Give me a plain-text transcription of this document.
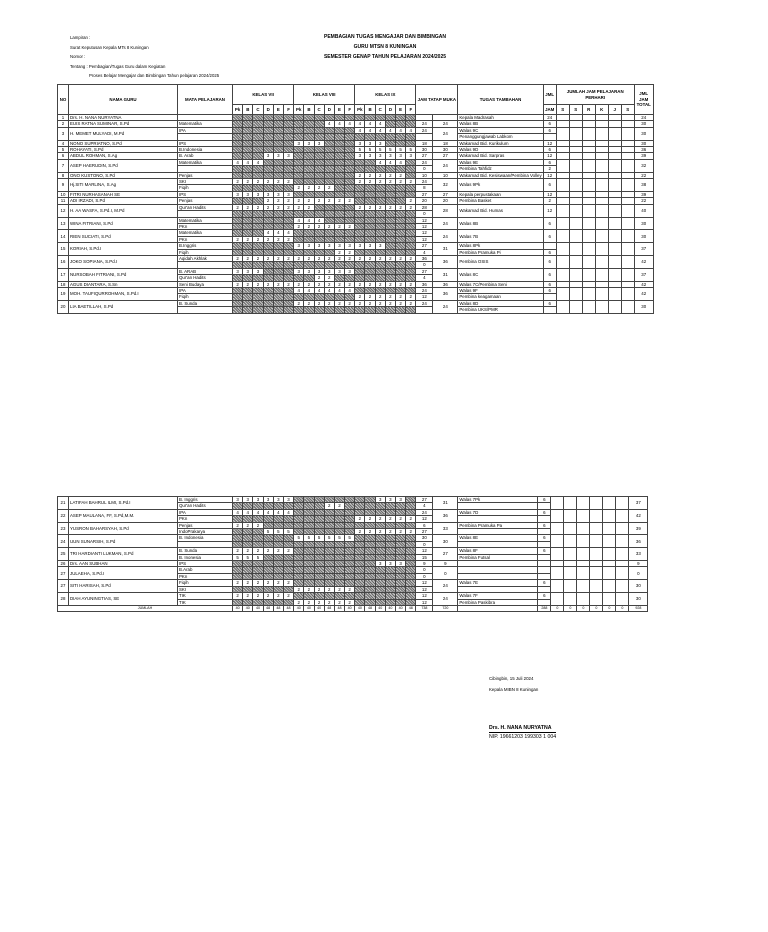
Lampiran :
Surat Keputusan Kepala MTs 8 Kuningan
Nomor :
Tentang : Pembagian/Tugas Guru dalam Kegiatan
Proses Belajar Mengajar dan Bimbingan Tahun pelajaran 2024/2025
PEMBAGIAN TUGAS MENGAJAR DAN BIMBINGAN
GURU MTSN 8 KUNINGAN
SEMESTER GENAP TAHUN PELAJARAN 2024/2025
NO	NAMA GURU	MATA PELAJARAN	KELAS VII						KELAS VIII						KELAS IX						JAM TATAP MUKA		TUGAS TAMBAHAN	JML	JUMLAH JAM PELAJARAN PERHARI						JML JAM TOTAL

			Pk	B	C	D	E	F	Pk	B	C	D	E	F	Pk	B	C	D	E	F				JAM	S	S	R	K	J	S	
1	Drs. H. NANA NURYATNA																						Kepala Madrasah	24							24
2	EUIS RATNA SUMINAR, S.Pd	Matematika										4	4	4	4	4	4				24	24	Walas 8B	6							30
3	H. MEMET MULYADI, M.Pd	IPA													4	4	4	4	4	4	24	24	Walas 9C	6							30
																							Penanggungjawab Labkom								
4	NONO SUPRIATNO, S.Pd	IPS							3	3	3				3	3	3				18	18	Wakamad Bid. Kurikulum	12							30
5	ROHAYATI, S.Pd	B.Indonesia													5	5	5	5	5	5	30	30	Walas 9D	6							36
6	ABDUL ROHMAN, S.Ag	B. Arab				3	3	3							3	3	3	3	3	3	27	27	Wakamad Bid. Sarpras	12							39
7	ASEP HAERUDIN, S.Pd	Matematika	4	4	4												4	4	4		24	24	Walas 9E	6							32
																					0		Pembina Tahfidz	2							
8	ONO KUSTONO, S.Pd	Penjas													2	2	2	2	2		10	10	Wakamad Bid. Kesiswaan/Pembina Volley	12							22
9	Hj.SITI MARLINA, S.Ag	SKI	2	2	2	2	2	2							2	2	2	2	2	2	24	32	Walas 9Pk	6							38
		Fiqih							2	2	2	2									8										
10	FITRI NURHASANAH SE	IPS	3	3	3	3	3	3													27	27	Kepala perpustakaan	12							39
11	ADI IRZADI, S.Pd	Penjas				2	2	2	2	2	2	2	2	2						2	20	20	Pembina Basket	2							22
12	H. AA WASFA, S.Pd.I, M.Pd	Qur'an Hadits	2	2	2	2	2	2	2	2					2	2	2	2	2	2	28	28	Wakamad Bid. Humas	12							40
																					0										
13	WINA FITRIANI, S.Pd	Matematika							4	4	4										12	24	Walas 8B	6							30
		PKn							2	2	2	2	2	2							12										
14	RIEN SUCIATI, S.Pd	Matematika				4	4	4													12	24	Walas 7B	6							30
		PKn	2	2	2	2	2	2													12										
15	KORIAH, S.Pd.I	B.Inggris							3	3	3	3	3	3	3	3	3				27	31	Walas 8Pk								37
		Fiqih											2	2							4		Pembina Pramuka Pi	6							
16	JOKO SOPIANA, S.Pd.I	Aqidah Akhlak	2	2	2	2	2	2	2	2	2	2	2	2	2	2	2	2	2	2	36	36	Pembina OSIS	6							42
																					0										
17	NURSOBAH FITRIANI, S.Pd	B. ARAB	3	3	3				3	3	3	3	3	3							27	31	Walas 8C	6							37
		Qur'an Hadits									2	2									4										
18	AGUS DIANTARA, S.Sn	Seni Budaya	2	2	2	2	2	2	2	2	2	2	2	2	2	2	2	2	2	2	36	36	Walas 7C/Pembina Seni	6							42
19	MOH. TAUFIQURROHMAN, S.Pd.I	IPA							4	4	4	4	4	4							24	36	Walas 9F	6							42
		Fiqih													2	2	2	2	2	2	12		Pembina keagamaan								
20	LIA BAETILLAH, S.Pd	B. Sunda							2	2	2	2	2	2	2	2	2	2	2	2	24	24	Walas 8D	6							30
																							Pembina UKS/PMR								
21	LATIFAH BAHRUL ILMI, S.Pd.I	B. Inggris	3	3	3	3	3	3									3	3	3		27	31	Walas 7Pk	6							37
		Qur'an Hadits										2	2								4										
22	ASEP MAULANA, FF, S.Pd,M.M.	IPA	4	4	4	4	4	4													24	36	Walas 7D	6							42
		PKn													2	2	2	2	2	2	12										
23	YUSRON BAHARSYAH, S.Pd	Penjas	2	2	2																6	33	Pembina Pramuka Pa	6							39
		IndoPrakarya				5	5	5							2	2	2	2	2	2	27										
24	UUN SUNARSIH, S.Pd	B. Indonesia							5	5	5	5	5	5							30	30	Walas 8E	6							36
																					0										
25	TRI HARDIANTI LUKMAN, S.Pd	B. Sunda	2	2	2	2	2	2													12	27	Walas 8F	6							33
		B. Inonesia	5	5	5																15		Pembina Futsal								
26	Drs. AAN SUBHAN	IPS															3	3	3		9	9									9
27	JULAEHA, S.Pd.I	B.Arab																			0	0									0
		PKn																			0										
27	SITI HARISAH, S.Pd	Fiqih	2	2	2	2	2	2													12	24	Walas 7E	6							30
		SKI							2	2	2	2	2	2							12										
28	DIAH AYUNINGTIAS, SE	TIK	2	2	2	2	2	2													12	24	Walas 7F	6							30
		TIK							2	2	2	2	2	2							12		Pembina Paskibra								
JUMLAH			40	40	40	48	48	48	40	40	40	48	48	40	40	48	40	40	40	48	738	720		288	0	0	0	0	0	0	928
Cibingbin, 15 Juli 2024
Kepala MIBN 8 Kuningan
Drs. H. NANA NURYATNA
NIP. 19661203 199303 1 004
